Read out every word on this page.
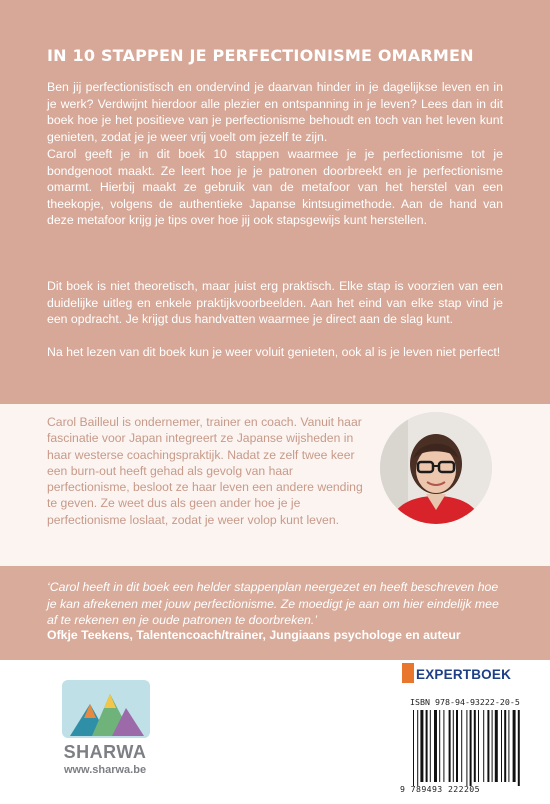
IN 10 STAPPEN JE PERFECTIONISME OMARMEN
Ben jij perfectionistisch en ondervind je daarvan hinder in je dagelijkse leven en in je werk? Verdwijnt hierdoor alle plezier en ontspanning in je leven? Lees dan in dit boek hoe je het positieve van je perfectionisme behoudt en toch van het leven kunt genieten, zodat je je weer vrij voelt om jezelf te zijn.
Carol geeft je in dit boek 10 stappen waarmee je je perfectionisme tot je bondgenoot maakt. Ze leert hoe je je patronen doorbreekt en je perfectionisme omarmt. Hierbij maakt ze gebruik van de metafoor van het herstel van een theekopje, volgens de authentieke Japanse kintsugimethode. Aan de hand van deze metafoor krijg je tips over hoe jij ook stapsgewijs kunt herstellen.
Dit boek is niet theoretisch, maar juist erg praktisch. Elke stap is voorzien van een duidelijke uitleg en enkele praktijkvoorbeelden. Aan het eind van elke stap vind je een opdracht. Je krijgt dus handvatten waarmee je direct aan de slag kunt.
Na het lezen van dit boek kun je weer voluit genieten, ook al is je leven niet perfect!
Carol Bailleul is ondernemer, trainer en coach. Vanuit haar fascinatie voor Japan integreert ze Japanse wijsheden in haar westerse coachingspraktijk. Nadat ze zelf twee keer een burn-out heeft gehad als gevolg van haar perfectionisme, besloot ze haar leven een andere wending te geven. Ze weet dus als geen ander hoe je je perfectionisme loslaat, zodat je weer volop kunt leven.
‘Carol heeft in dit boek een helder stappenplan neergezet en heeft beschreven hoe je kan afrekenen met jouw perfectionisme. Ze moedigt je aan om hier eindelijk mee af te rekenen en je oude patronen te doorbreken.’
Ofkje Teekens, Talentencoach/trainer, Jungiaans psychologe en auteur
SHARWA
www.sharwa.be
EXPERTBOEK
ISBN 978-94-93222-20-5
9 789493 222205
